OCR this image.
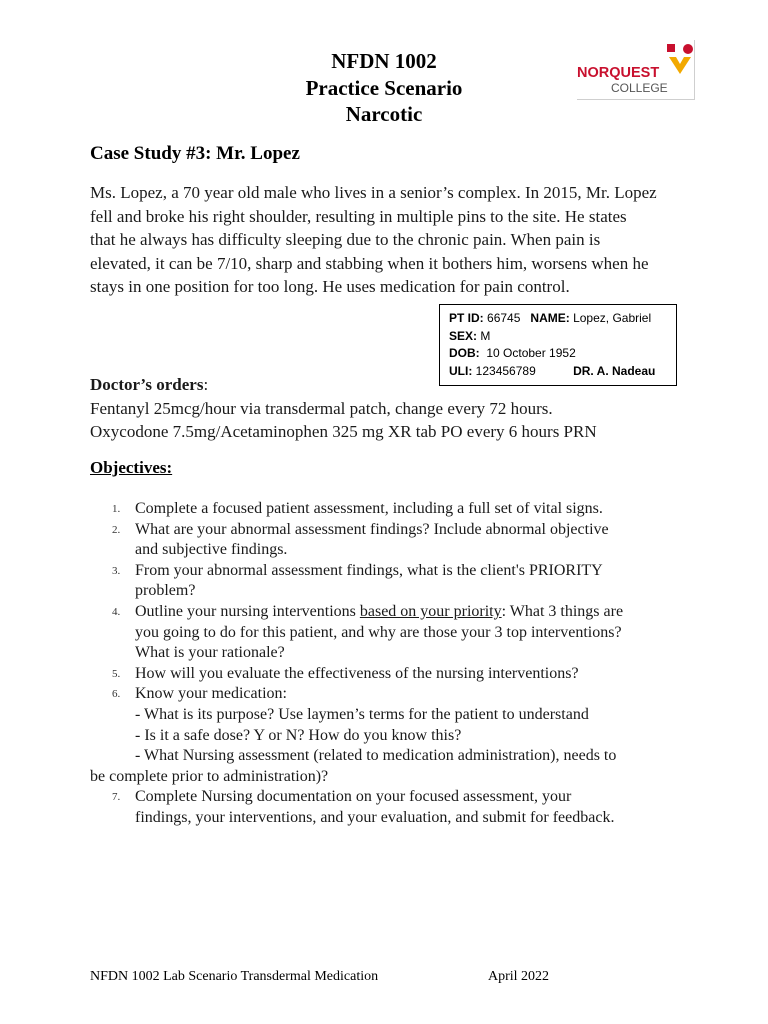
NFDN 1002
Practice Scenario
Narcotic
NORQUEST
COLLEGE
Case Study #3: Mr. Lopez
Ms. Lopez, a 70 year old male who lives in a senior’s complex. In 2015, Mr. Lopez
fell and broke his right shoulder, resulting in multiple pins to the site. He states
that he always has difficulty sleeping due to the chronic pain. When pain is
elevated, it can be 7/10, sharp and stabbing when it bothers him, worsens when he
stays in one position for too long. He uses medication for pain control.
PT ID: 66745 NAME: Lopez, Gabriel
SEX: M
DOB: 10 October 1952
ULI: 123456789	DR. A. Nadeau
Doctor’s orders:
Fentanyl 25mcg/hour via transdermal patch, change every 72 hours.
Oxycodone 7.5mg/Acetaminophen 325 mg XR tab PO every 6 hours PRN
Objectives:
1. Complete a focused patient assessment, including a full set of vital signs.
2. What are your abnormal assessment findings? Include abnormal objective
and subjective findings.
3. From your abnormal assessment findings, what is the client's PRIORITY
problem?
4. Outline your nursing interventions based on your priority: What 3 things are
you going to do for this patient, and why are those your 3 top interventions?
What is your rationale?
5. How will you evaluate the effectiveness of the nursing interventions?
6. Know your medication:
- What is its purpose? Use laymen’s terms for the patient to understand
- Is it a safe dose? Y or N? How do you know this?
- What Nursing assessment (related to medication administration), needs to
be complete prior to administration)?
7. Complete Nursing documentation on your focused assessment, your
findings, your interventions, and your evaluation, and submit for feedback.
NFDN 1002 Lab Scenario Transdermal Medication	April 2022
